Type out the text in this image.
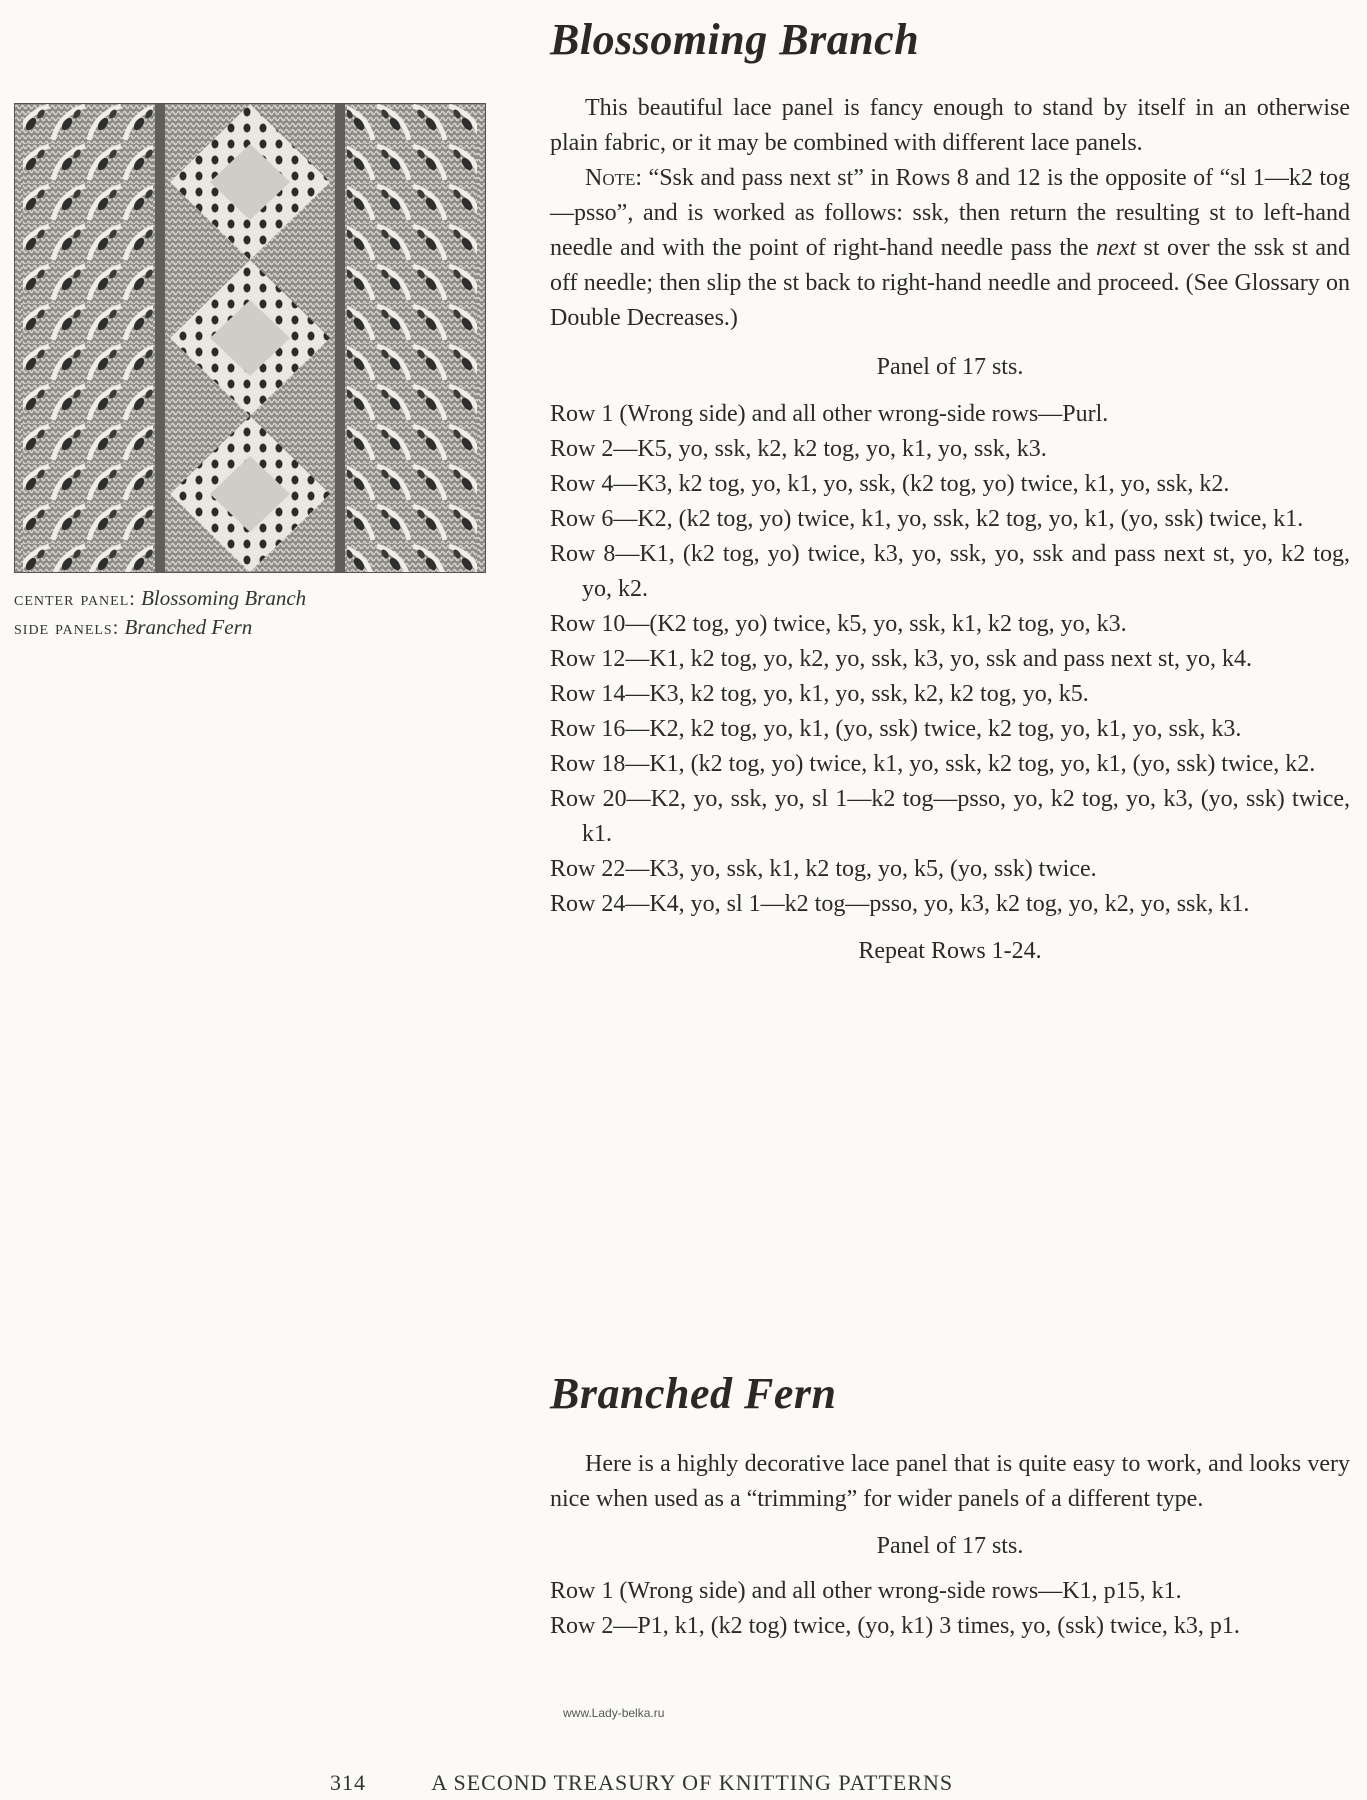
center panel: Blossoming Branch
side panels: Branched Fern
Blossoming Branch

This beautiful lace panel is fancy enough to stand by itself in an otherwise plain fabric, or it may be combined with different lace panels.

Note: “Ssk and pass next st” in Rows 8 and 12 is the opposite of “sl 1—k2 tog—psso”, and is worked as follows: ssk, then return the resulting st to left-hand needle and with the point of right-hand needle pass the next st over the ssk st and off needle; then slip the st back to right-hand needle and proceed. (See Glossary on Double Decreases.)

Panel of 17 sts.

Row 1 (Wrong side) and all other wrong-side rows—Purl.
Row 2—K5, yo, ssk, k2, k2 tog, yo, k1, yo, ssk, k3.
Row 4—K3, k2 tog, yo, k1, yo, ssk, (k2 tog, yo) twice, k1, yo, ssk, k2.
Row 6—K2, (k2 tog, yo) twice, k1, yo, ssk, k2 tog, yo, k1, (yo, ssk) twice, k1.
Row 8—K1, (k2 tog, yo) twice, k3, yo, ssk, yo, ssk and pass next st, yo, k2 tog, yo, k2.
Row 10—(K2 tog, yo) twice, k5, yo, ssk, k1, k2 tog, yo, k3.
Row 12—K1, k2 tog, yo, k2, yo, ssk, k3, yo, ssk and pass next st, yo, k4.
Row 14—K3, k2 tog, yo, k1, yo, ssk, k2, k2 tog, yo, k5.
Row 16—K2, k2 tog, yo, k1, (yo, ssk) twice, k2 tog, yo, k1, yo, ssk, k3.
Row 18—K1, (k2 tog, yo) twice, k1, yo, ssk, k2 tog, yo, k1, (yo, ssk) twice, k2.
Row 20—K2, yo, ssk, yo, sl 1—k2 tog—psso, yo, k2 tog, yo, k3, (yo, ssk) twice, k1.
Row 22—K3, yo, ssk, k1, k2 tog, yo, k5, (yo, ssk) twice.
Row 24—K4, yo, sl 1—k2 tog—psso, yo, k3, k2 tog, yo, k2, yo, ssk, k1.

Repeat Rows 1-24.

Branched Fern

Here is a highly decorative lace panel that is quite easy to work, and looks very nice when used as a “trimming” for wider panels of a different type.

Panel of 17 sts.

Row 1 (Wrong side) and all other wrong-side rows—K1, p15, k1.
Row 2—P1, k1, (k2 tog) twice, (yo, k1) 3 times, yo, (ssk) twice, k3, p1.
www.Lady-belka.ru
314	A SECOND TREASURY OF KNITTING PATTERNS
